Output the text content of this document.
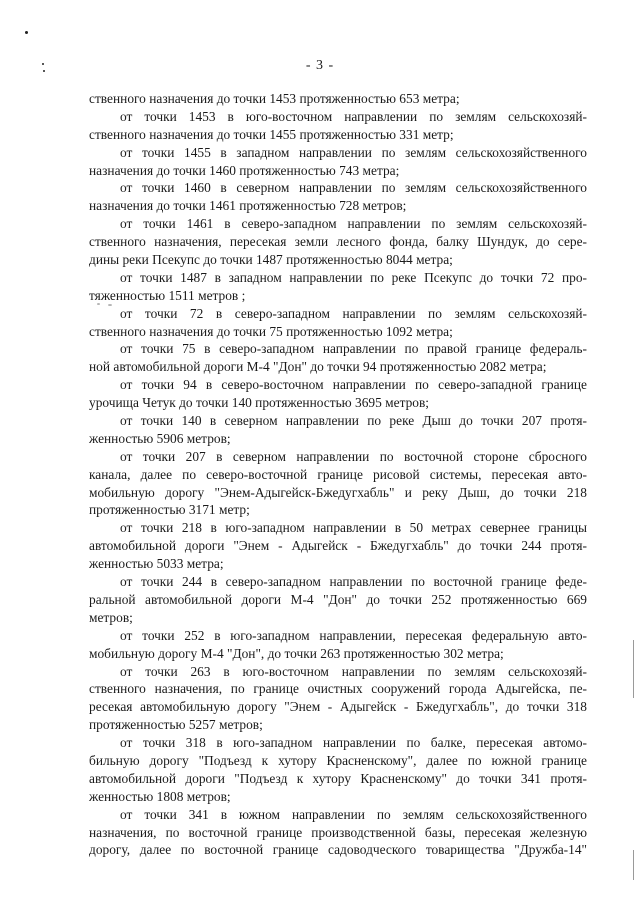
- 3 -
ственного назначения до точки 1453 протяженностью 653 метра;
от точки 1453 в юго-восточном направлении по землям сельскохозяй-
ственного назначения до точки 1455 протяженностью 331 метр;
от точки 1455 в западном направлении по землям сельскохозяйственного
назначения до точки 1460 протяженностью 743 метра;
от точки 1460 в северном направлении по землям сельскохозяйственного
назначения до точки 1461 протяженностью 728 метров;
от точки 1461 в северо-западном направлении по землям сельскохозяй-
ственного назначения, пересекая земли лесного фонда, балку Шундук, до сере-
дины реки Псекупс до точки 1487 протяженностью 8044 метра;
от точки 1487 в западном направлении по реке Псекупс до точки 72 про-
тяженностью 1511 метров ;
от точки 72 в северо-западном направлении по землям сельскохозяй-
ственного назначения до точки 75 протяженностью 1092 метра;
от точки 75 в северо-западном направлении по правой границе федераль-
ной автомобильной дороги М-4 "Дон" до точки 94 протяженностью 2082 метра;
от точки 94 в северо-восточном направлении по северо-западной границе
урочища Четук до точки 140 протяженностью 3695 метров;
от точки 140 в северном направлении по реке Дыш до точки 207 протя-
женностью 5906 метров;
от точки 207 в северном направлении по восточной стороне сбросного
канала, далее по северо-восточной границе рисовой системы, пересекая авто-
мобильную дорогу "Энем-Адыгейск-Бжедугхабль" и реку Дыш, до точки 218
протяженностью 3171 метр;
от точки 218 в юго-западном направлении в 50 метрах севернее границы
автомобильной дороги "Энем - Адыгейск - Бжедугхабль" до точки 244 протя-
женностью 5033 метра;
от точки 244 в северо-западном направлении по восточной границе феде-
ральной автомобильной дороги М-4 "Дон" до точки 252 протяженностью 669
метров;
от точки 252 в юго-западном направлении, пересекая федеральную авто-
мобильную дорогу М-4 "Дон", до точки 263 протяженностью 302 метра;
от точки 263 в юго-восточном направлении по землям сельскохозяй-
ственного назначения, по границе очистных сооружений города Адыгейска, пе-
ресекая автомобильную дорогу "Энем - Адыгейск - Бжедугхабль", до точки 318
протяженностью 5257 метров;
от точки 318 в юго-западном направлении по балке, пересекая автомо-
бильную дорогу "Подъезд к хутору Красненскому", далее по южной границе
автомобильной дороги "Подъезд к хутору Красненскому" до точки 341 протя-
женностью 1808 метров;
от точки 341 в южном направлении по землям сельскохозяйственного
назначения, по восточной границе производственной базы, пересекая железную
дорогу, далее по восточной границе садоводческого товарищества "Дружба-14"
